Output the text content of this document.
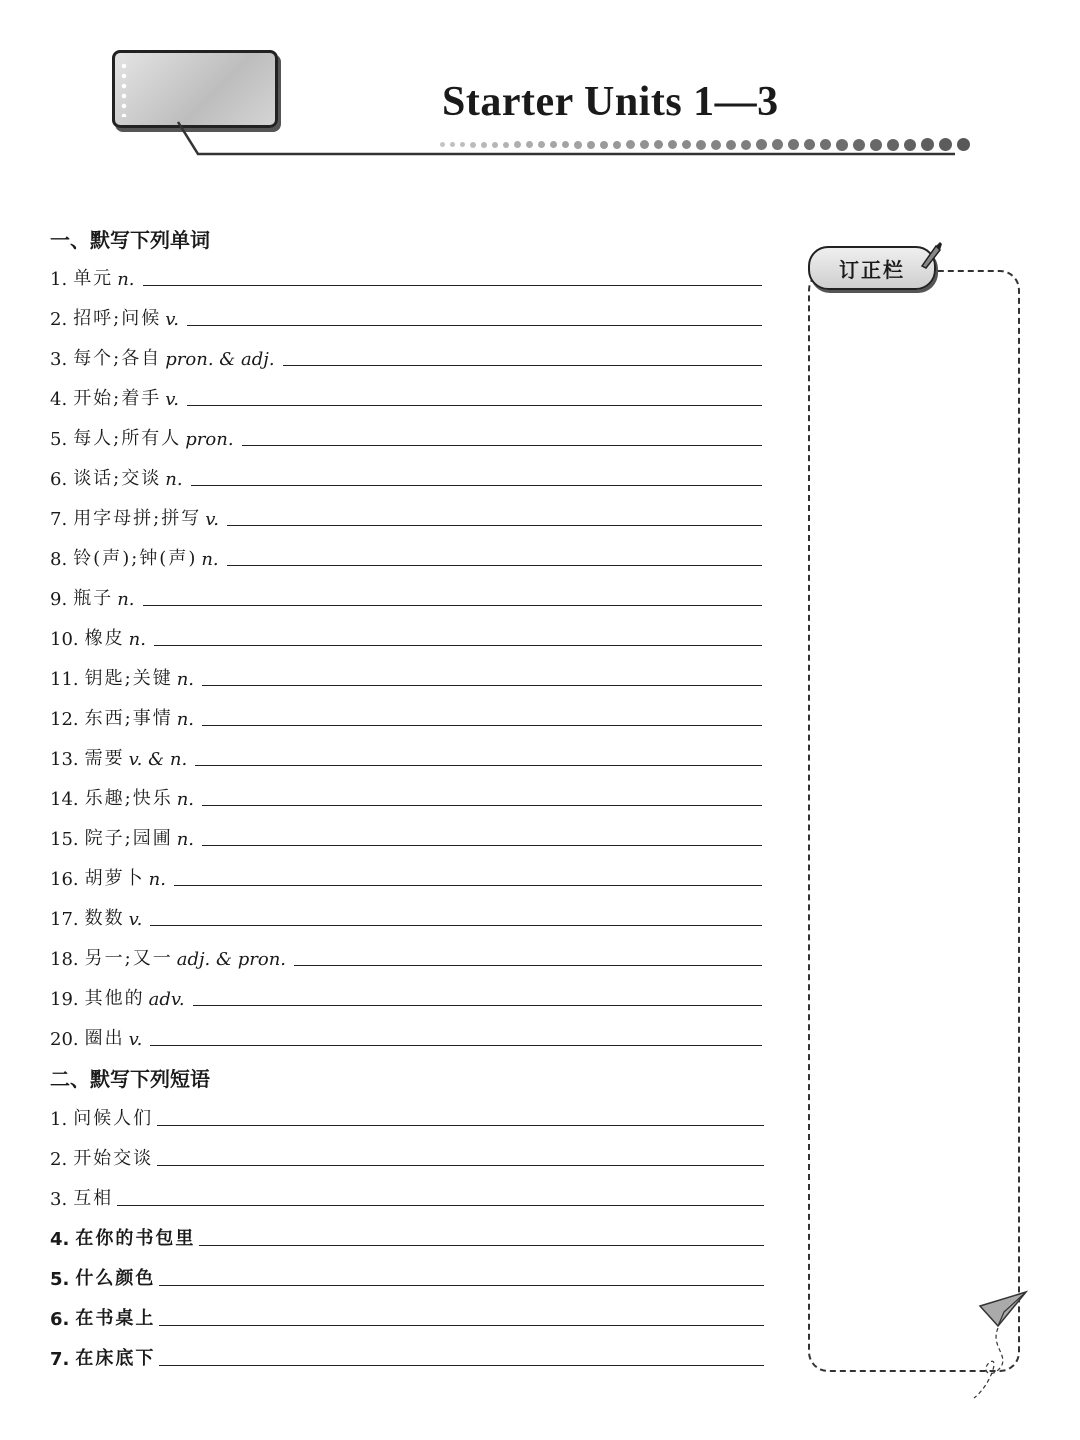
Starter Units 1—3
一、默写下列单词
1. 单元 n.
2. 招呼;问候 v.
3. 每个;各自 pron. & adj.
4. 开始;着手 v.
5. 每人;所有人 pron.
6. 谈话;交谈 n.
7. 用字母拼;拼写 v.
8. 铃(声);钟(声) n.
9. 瓶子 n.
10. 橡皮 n.
11. 钥匙;关键 n.
12. 东西;事情 n.
13. 需要 v. & n.
14. 乐趣;快乐 n.
15. 院子;园圃 n.
16. 胡萝卜 n.
17. 数数 v.
18. 另一;又一 adj. & pron.
19. 其他的 adv.
20. 圈出 v.
二、默写下列短语
1. 问候人们
2. 开始交谈
3. 互相
4. 在你的书包里
5. 什么颜色
6. 在书桌上
7. 在床底下
订正栏
